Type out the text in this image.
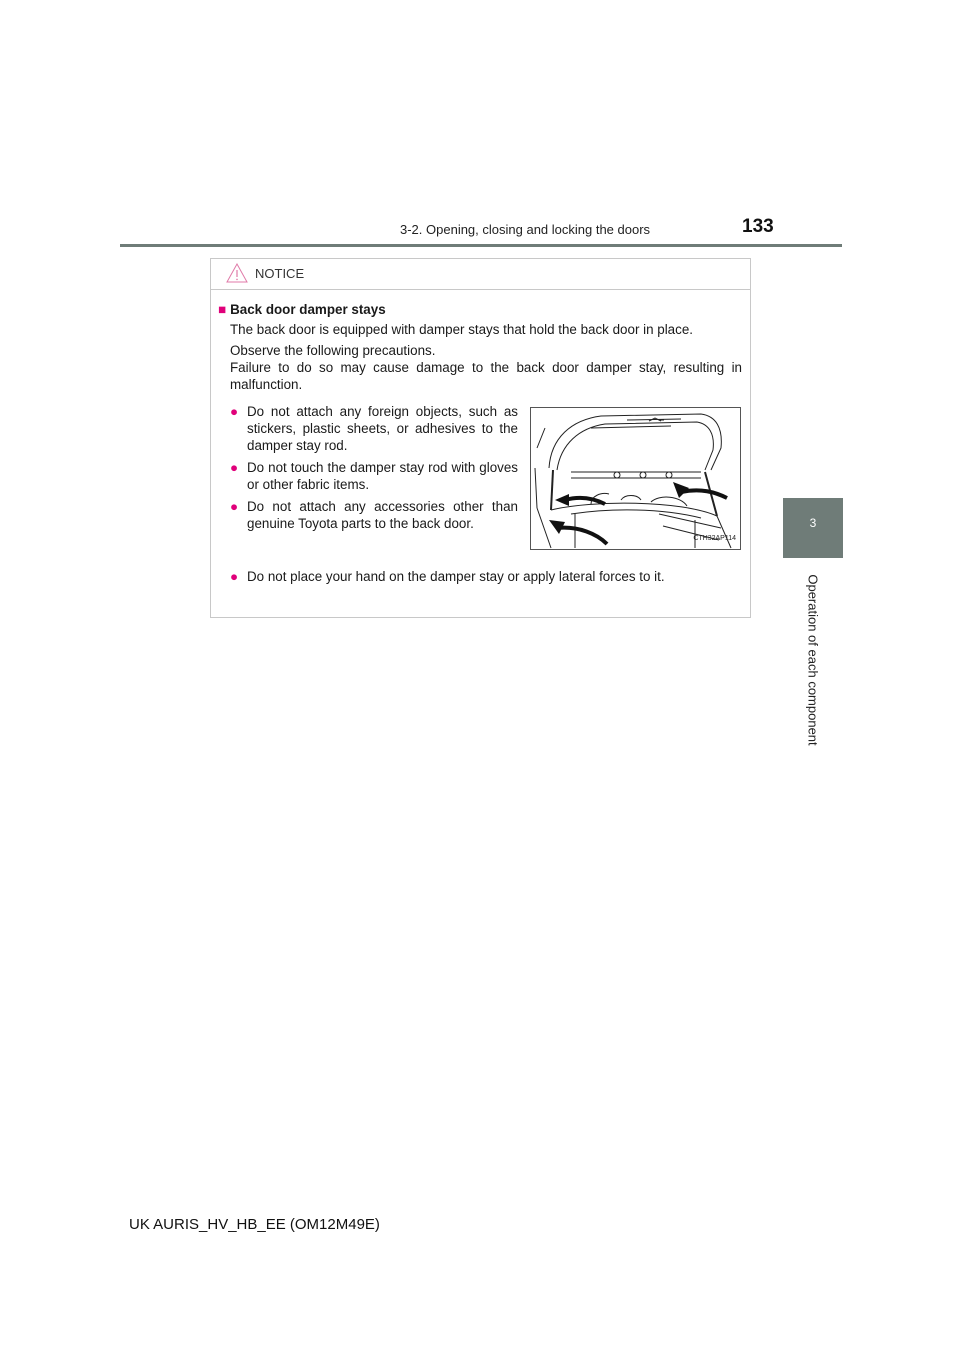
3-2. Opening, closing and locking the doors	133
3
Operation of each component
NOTICE
■ Back door damper stays

The back door is equipped with damper stays that hold the back door in place.

Observe the following precautions.

Failure to do so may cause damage to the back door damper stay, resulting in malfunction.

● Do not attach any foreign objects, such as stickers, plastic sheets, or adhesives to the damper stay rod.
● Do not touch the damper stay rod with gloves or other fabric items.
● Do not attach any accessories other than genuine Toyota parts to the back door.
CTH32AP114
● Do not place your hand on the damper stay or apply lateral forces to it.
UK AURIS_HV_HB_EE (OM12M49E)
